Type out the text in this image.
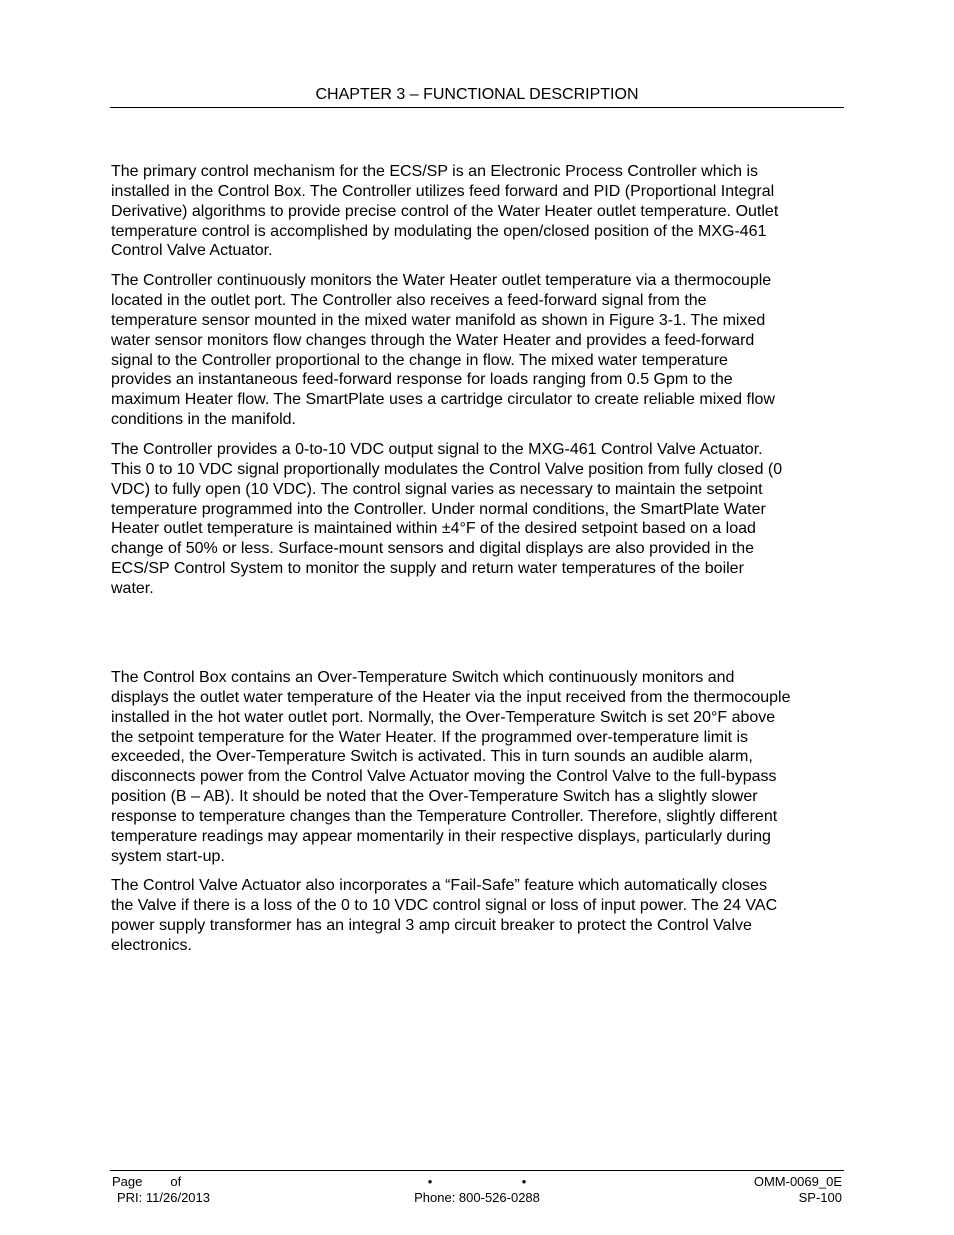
CHAPTER 3 – FUNCTIONAL DESCRIPTION

The primary control mechanism for the ECS/SP is an Electronic Process Controller which is
installed in the Control Box. The Controller utilizes feed forward and PID (Proportional Integral
Derivative) algorithms to provide precise control of the Water Heater outlet temperature. Outlet
temperature control is accomplished by modulating the open/closed position of the MXG-461
Control Valve Actuator.

The Controller continuously monitors the Water Heater outlet temperature via a thermocouple
located in the outlet port. The Controller also receives a feed-forward signal from the
temperature sensor mounted in the mixed water manifold as shown in Figure 3-1. The mixed
water sensor monitors flow changes through the Water Heater and provides a feed-forward
signal to the Controller proportional to the change in flow. The mixed water temperature
provides an instantaneous feed-forward response for loads ranging from 0.5 Gpm to the
maximum Heater flow. The SmartPlate uses a cartridge circulator to create reliable mixed flow
conditions in the manifold.

The Controller provides a 0-to-10 VDC output signal to the MXG-461 Control Valve Actuator.
This 0 to 10 VDC signal proportionally modulates the Control Valve position from fully closed (0
VDC) to fully open (10 VDC). The control signal varies as necessary to maintain the setpoint
temperature programmed into the Controller. Under normal conditions, the SmartPlate Water
Heater outlet temperature is maintained within ±4°F of the desired setpoint based on a load
change of 50% or less. Surface-mount sensors and digital displays are also provided in the
ECS/SP Control System to monitor the supply and return water temperatures of the boiler
water.

The Control Box contains an Over-Temperature Switch which continuously monitors and
displays the outlet water temperature of the Heater via the input received from the thermocouple
installed in the hot water outlet port. Normally, the Over-Temperature Switch is set 20°F above
the setpoint temperature for the Water Heater. If the programmed over-temperature limit is
exceeded, the Over-Temperature Switch is activated. This in turn sounds an audible alarm,
disconnects power from the Control Valve Actuator moving the Control Valve to the full-bypass
position (B – AB). It should be noted that the Over-Temperature Switch has a slightly slower
response to temperature changes than the Temperature Controller. Therefore, slightly different
temperature readings may appear momentarily in their respective displays, particularly during
system start-up.

The Control Valve Actuator also incorporates a “Fail-Safe” feature which automatically closes
the Valve if there is a loss of the 0 to 10 VDC control signal or loss of input power. The 24 VAC
power supply transformer has an integral 3 amp circuit breaker to protect the Control Valve
electronics.

Page of	•	•	OMM-0069_0E
PRI: 11/26/2013	Phone: 800-526-0288	SP-100
